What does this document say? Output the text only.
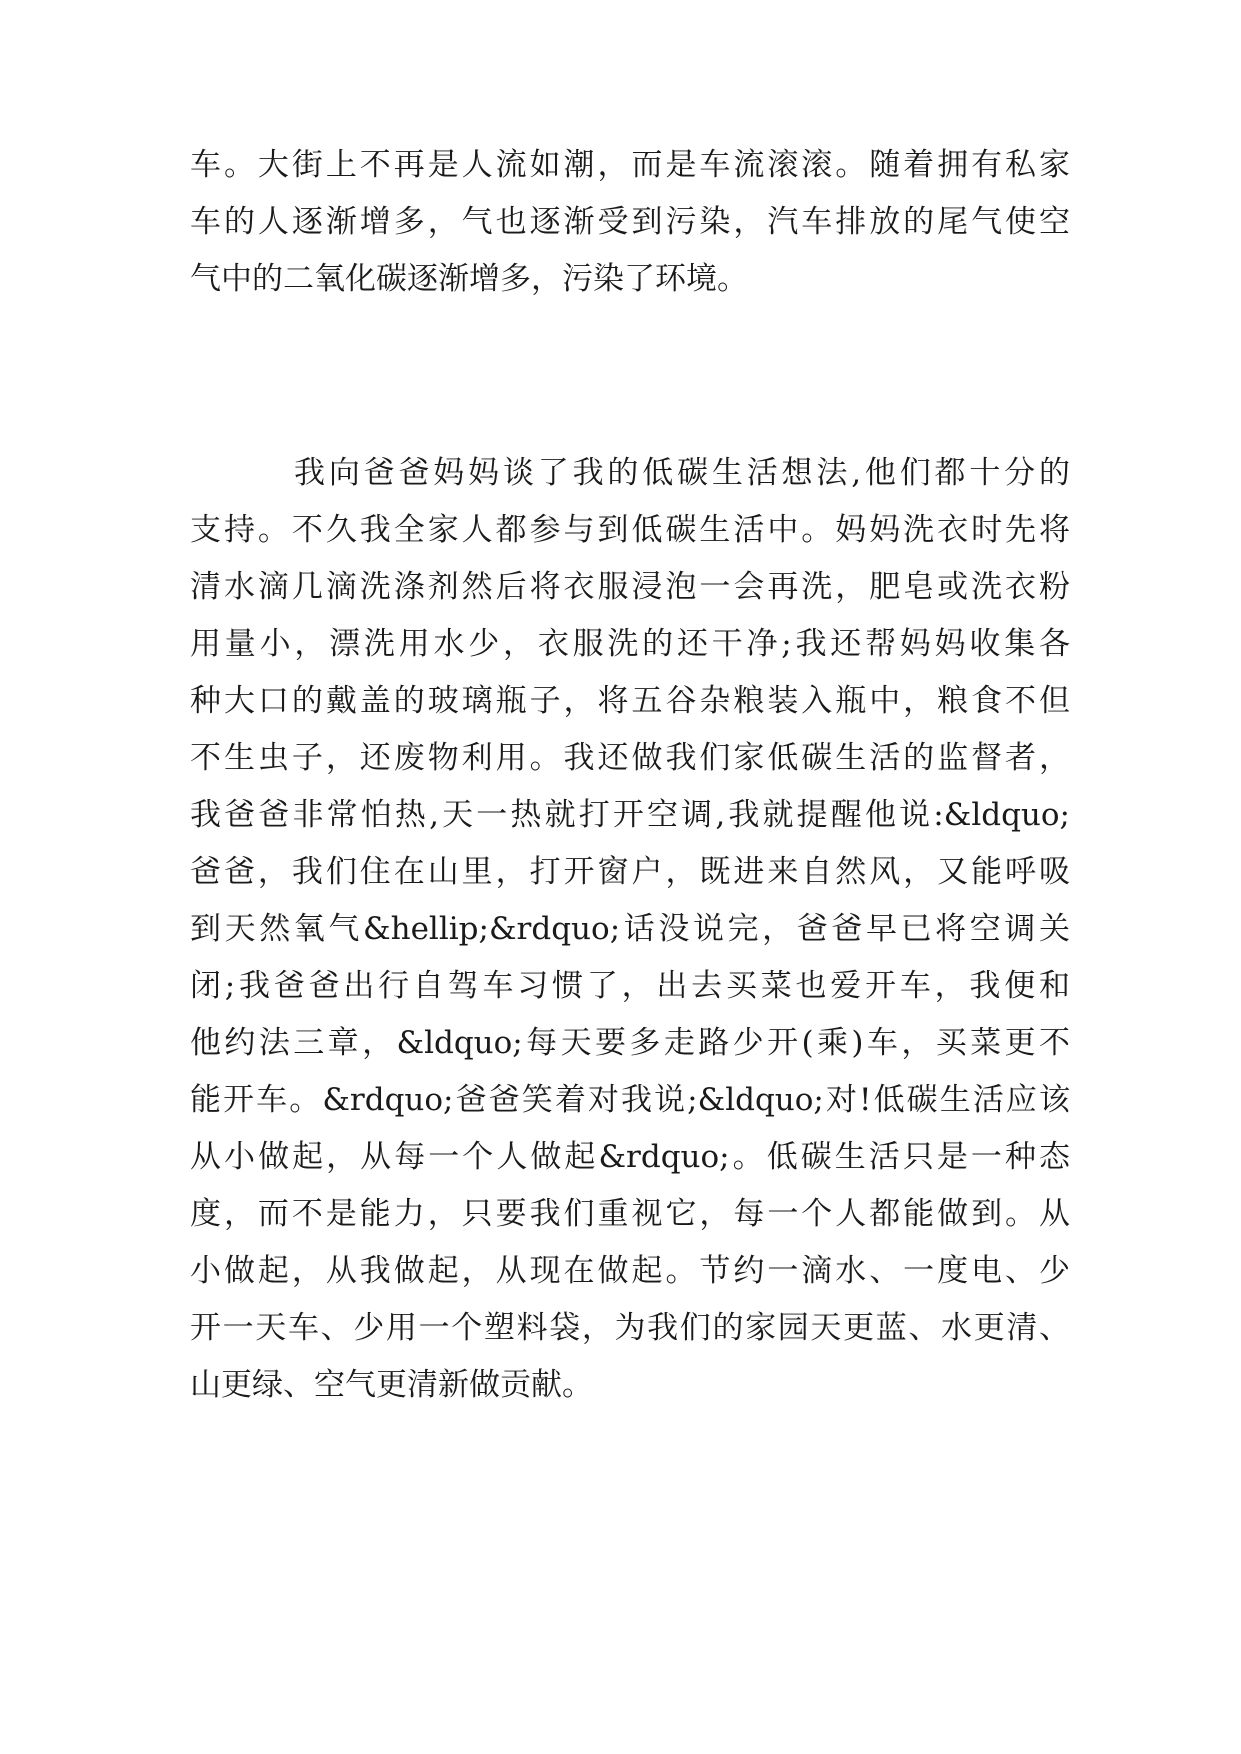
车。大街上不再是人流如潮，而是车流滚滚。随着拥有私家

车的人逐渐增多，气也逐渐受到污染，汽车排放的尾气使空

气中的二氧化碳逐渐增多，污染了环境。

我向爸爸妈妈谈了我的低碳生活想法,他们都十分的

支持。不久我全家人都参与到低碳生活中。妈妈洗衣时先将

清水滴几滴洗涤剂然后将衣服浸泡一会再洗，肥皂或洗衣粉

用量小，漂洗用水少，衣服洗的还干净;我还帮妈妈收集各

种大口的戴盖的玻璃瓶子，将五谷杂粮装入瓶中，粮食不但

不生虫子，还废物利用。我还做我们家低碳生活的监督者，

我爸爸非常怕热,天一热就打开空调,我就提醒他说:&ldquo;

爸爸，我们住在山里，打开窗户，既进来自然风，又能呼吸

到天然氧气&hellip;&rdquo;话没说完，爸爸早已将空调关

闭;我爸爸出行自驾车习惯了，出去买菜也爱开车，我便和

他约法三章，&ldquo;每天要多走路少开(乘)车，买菜更不

能开车。&rdquo;爸爸笑着对我说;&ldquo;对!低碳生活应该

从小做起，从每一个人做起&rdquo;。低碳生活只是一种态

度，而不是能力，只要我们重视它，每一个人都能做到。从

小做起，从我做起，从现在做起。节约一滴水、一度电、少

开一天车、少用一个塑料袋，为我们的家园天更蓝、水更清、

山更绿、空气更清新做贡献。
